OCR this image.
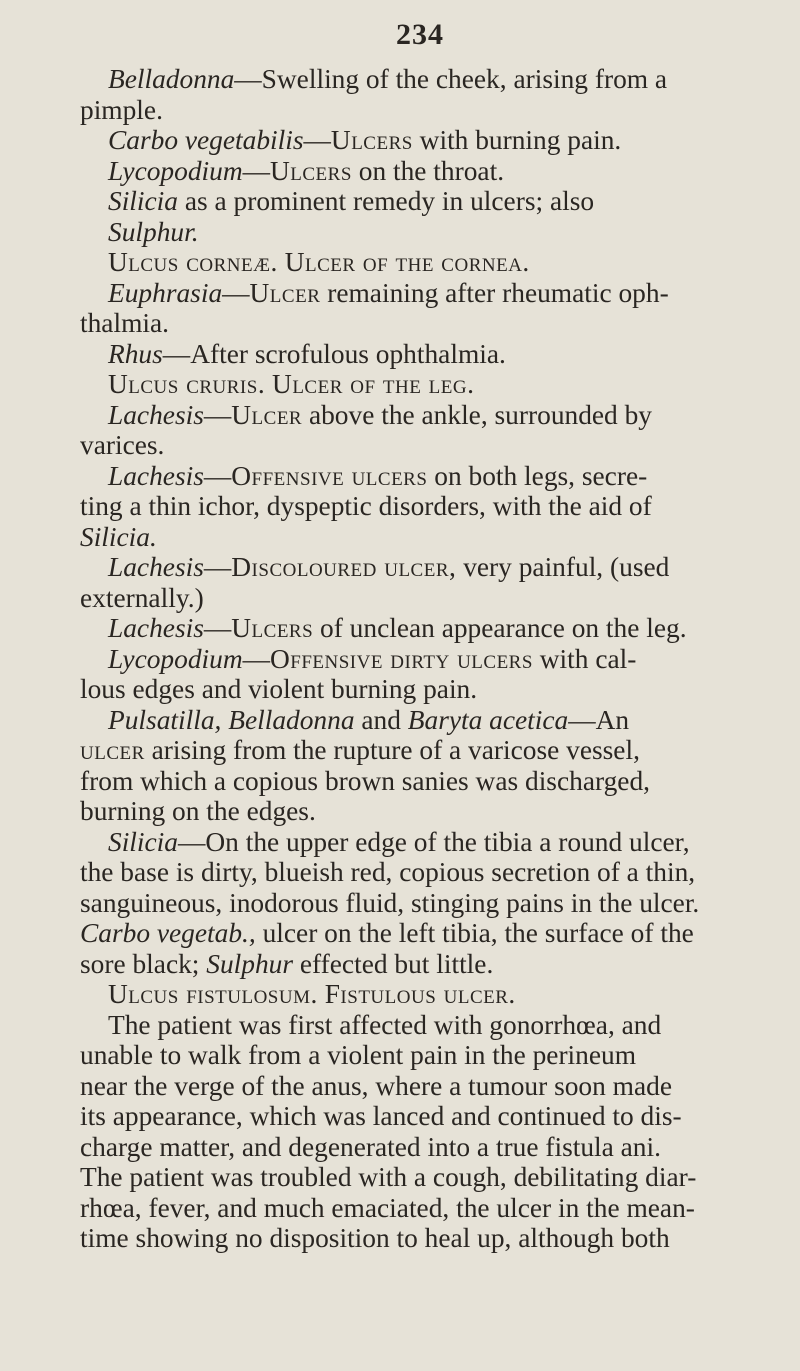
234
Belladonna—Swelling of the cheek, arising from a
pimple.
Carbo vegetabilis—Ulcers with burning pain.
Lycopodium—Ulcers on the throat.
Silicia as a prominent remedy in ulcers; also
Sulphur.
Ulcus corneæ. Ulcer of the cornea.
Euphrasia—Ulcer remaining after rheumatic oph-
thalmia.
Rhus—After scrofulous ophthalmia.
Ulcus cruris. Ulcer of the leg.
Lachesis—Ulcer above the ankle, surrounded by
varices.
Lachesis—Offensive ulcers on both legs, secre-
ting a thin ichor, dyspeptic disorders, with the aid of
Silicia.
Lachesis—Discoloured ulcer, very painful, (used
externally.)
Lachesis—Ulcers of unclean appearance on the leg.
Lycopodium—Offensive dirty ulcers with cal-
lous edges and violent burning pain.
Pulsatilla, Belladonna and Baryta acetica—An
ulcer arising from the rupture of a varicose vessel,
from which a copious brown sanies was discharged,
burning on the edges.
Silicia—On the upper edge of the tibia a round ulcer,
the base is dirty, blueish red, copious secretion of a thin,
sanguineous, inodorous fluid, stinging pains in the ulcer.
Carbo vegetab., ulcer on the left tibia, the surface of the
sore black; Sulphur effected but little.
Ulcus fistulosum. Fistulous ulcer.
The patient was first affected with gonorrhœa, and
unable to walk from a violent pain in the perineum
near the verge of the anus, where a tumour soon made
its appearance, which was lanced and continued to dis-
charge matter, and degenerated into a true fistula ani.
The patient was troubled with a cough, debilitating diar-
rhœa, fever, and much emaciated, the ulcer in the mean-
time showing no disposition to heal up, although both
